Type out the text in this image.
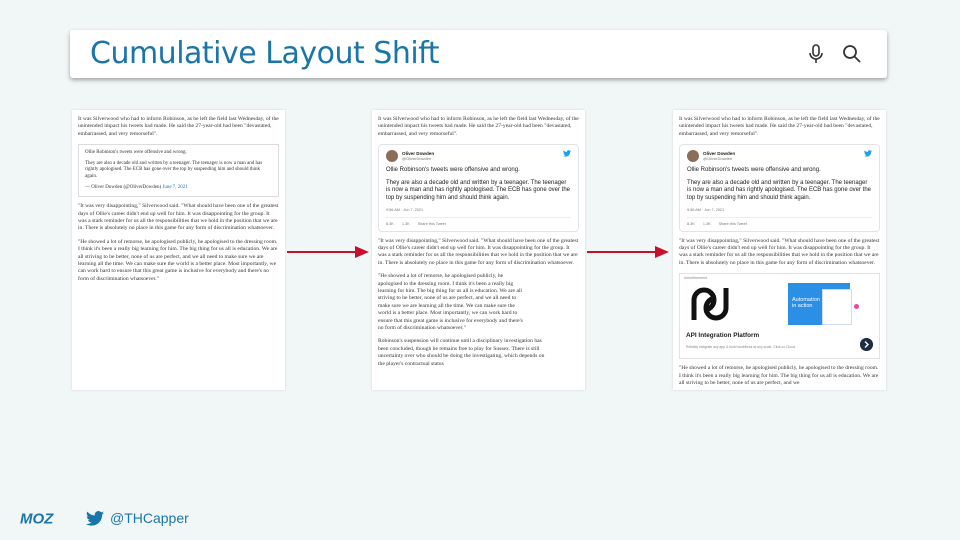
Cumulative Layout Shift

It was Silverwood who had to inform Robinson, as he left the field last Wednesday, of the unintended impact his tweets had made. He said the 27-year-old had been "devastated, embarrassed, and very remorseful".

Ollie Robinson's tweets were offensive and wrong.
They are also a decade old and written by a teenager. The teenager is now a man and has rightly apologised. The ECB has gone over the top by suspending him and should think again.
— Oliver Dowden (@OliverDowden) June 7, 2021

"It was very disappointing," Silverwood said. "What should have been one of the greatest days of Ollie's career didn't end up well for him. It was disappointing for the group. It was a stark reminder for us all the responsibilities that we hold in the position that we are in. There is absolutely no place in this game for any form of discrimination whatsoever.

"He showed a lot of remorse, he apologised publicly, he apologised to the dressing room. I think it's been a really big learning for him. The big thing for us all is education. We are all striving to be better, none of us are perfect, and we all need to make sure we are learning all the time. We can make sure the world is a better place. Most importantly, we can work hard to ensure that this great game is inclusive for everybody and there's no form of discrimination whatsoever."

It was Silverwood who had to inform Robinson, as he left the field last Wednesday, of the unintended impact his tweets had made. He said the 27-year-old had been "devastated, embarrassed, and very remorseful".

Oliver Dowden
@OliverDowden
Ollie Robinson's tweets were offensive and wrong.
They are also a decade old and written by a teenager. The teenager is now a man and has rightly apologised. The ECB has gone over the top by suspending him and should think again.
9:56 AM · Jun 7, 2021
8.3K 1.3K Share this Tweet

"It was very disappointing," Silverwood said. "What should have been one of the greatest days of Ollie's career didn't end up well for him. It was disappointing for the group. It was a stark reminder for us all the responsibilities that we hold in the position that we are in. There is absolutely no place in this game for any form of discrimination whatsoever.

"He showed a lot of remorse, he apologised publicly, he apologised to the dressing room. I think it's been a really big learning for him. The big thing for us all is education. We are all striving to be better, none of us are perfect, and we all need to make sure we are learning all the time. We can make sure the world is a better place. Most importantly, we can work hard to ensure that this great game is inclusive for everybody and there's no form of discrimination whatsoever."

Robinson's suspension will continue until a disciplinary investigation has been concluded, though he remains free to play for Sussex. There is still uncertainty over who should be doing the investigating, which depends on the player's contractual status

It was Silverwood who had to inform Robinson, as he left the field last Wednesday, of the unintended impact his tweets had made. He said the 27-year-old had been "devastated, embarrassed, and very remorseful".

Oliver Dowden
@OliverDowden
Ollie Robinson's tweets were offensive and wrong.
They are also a decade old and written by a teenager. The teenager is now a man and has rightly apologised. The ECB has gone over the top by suspending him and should think again.
9:56 AM · Jun 7, 2021
8.3K 1.3K Share this Tweet

"It was very disappointing," Silverwood said. "What should have been one of the greatest days of Ollie's career didn't end up well for him. It was disappointing for the group. It was a stark reminder for us all the responsibilities that we hold in the position that we are in. There is absolutely no place in this game for any form of discrimination whatsoever.

Advertisement
Automation
in action
API Integration Platform
Reliably integrate any app & build workflows at any scale. Click.co Cloud

"He showed a lot of remorse, he apologised publicly, he apologised to the dressing room. I think it's been a really big learning for him. The big thing for us all is education. We are all striving to be better, none of us are perfect, and we

MOZ	@THCapper
